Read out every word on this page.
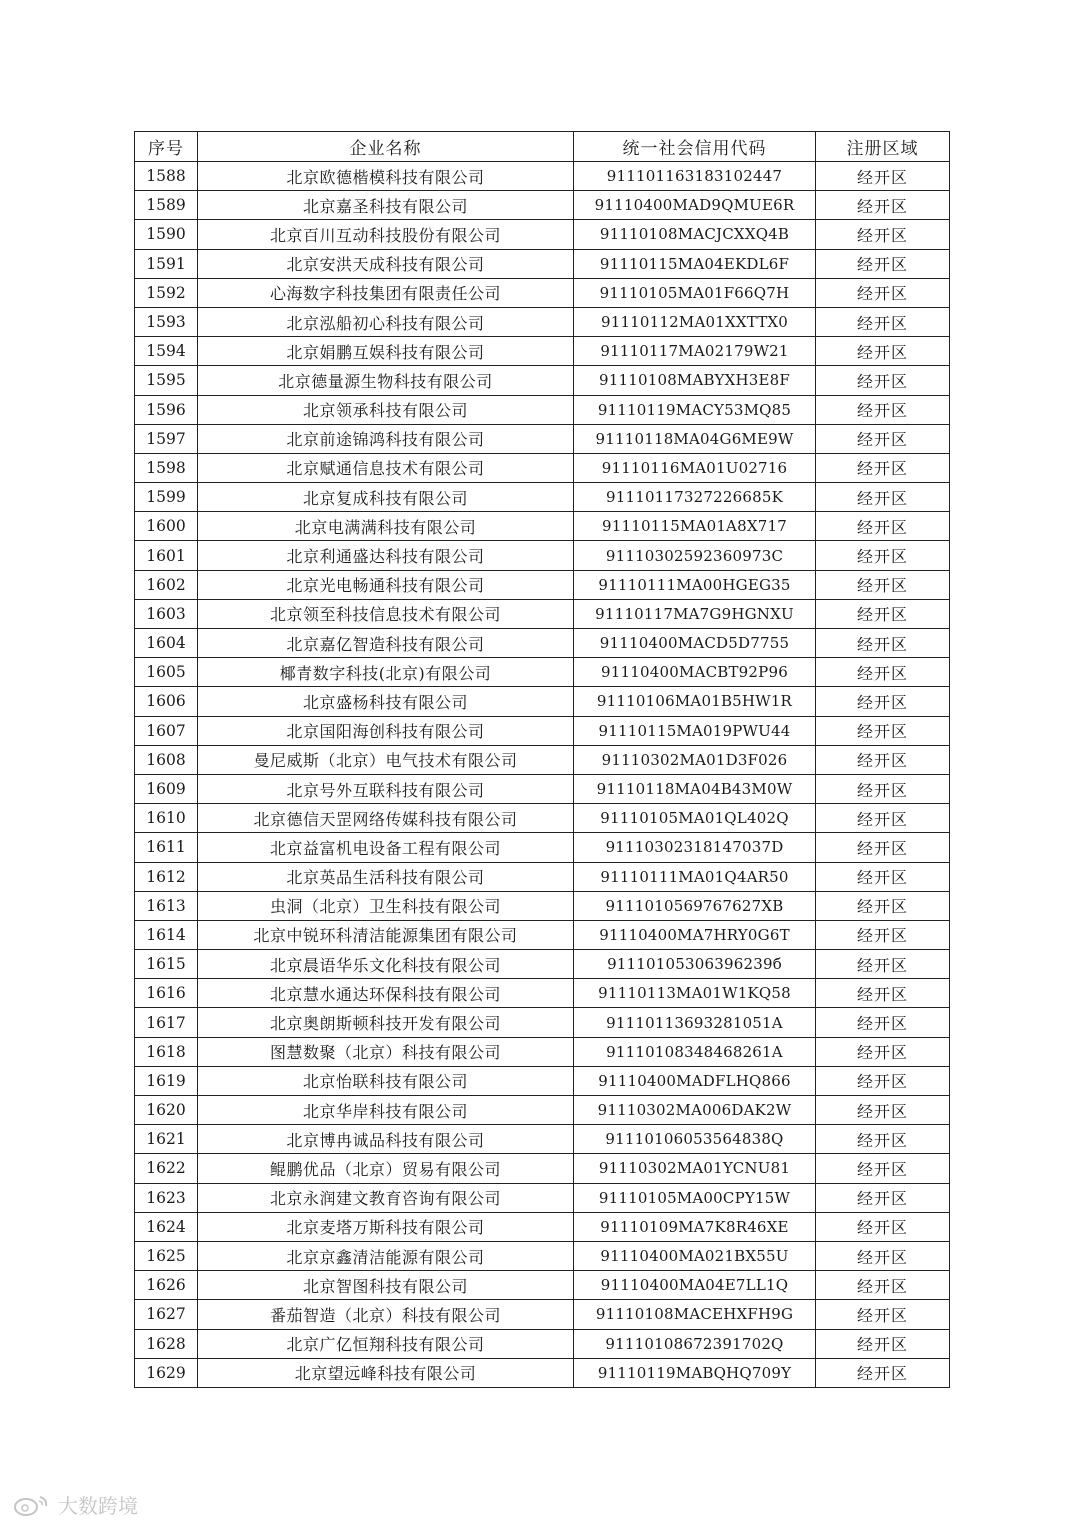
序号	企业名称	统一社会信用代码	注册区域
1588	北京欧德楷模科技有限公司	911101163183102447	经开区
1589	北京嘉圣科技有限公司	91110400MAD9QMUE6R	经开区
1590	北京百川互动科技股份有限公司	91110108MACJCXXQ4B	经开区
1591	北京安洪天成科技有限公司	91110115MA04EKDL6F	经开区
1592	心海数字科技集团有限责任公司	91110105MA01F66Q7H	经开区
1593	北京泓船初心科技有限公司	91110112MA01XXTTX0	经开区
1594	北京娟鹏互娱科技有限公司	91110117MA02179W21	经开区
1595	北京德量源生物科技有限公司	91110108MABYXH3E8F	经开区
1596	北京领承科技有限公司	91110119MACY53MQ85	经开区
1597	北京前途锦鸿科技有限公司	91110118MA04G6ME9W	经开区
1598	北京赋通信息技术有限公司	91110116MA01U02716	经开区
1599	北京复成科技有限公司	91110117327226685K	经开区
1600	北京电满满科技有限公司	91110115MA01A8X717	经开区
1601	北京利通盛达科技有限公司	91110302592360973C	经开区
1602	北京光电畅通科技有限公司	91110111MA00HGEG35	经开区
1603	北京领至科技信息技术有限公司	91110117MA7G9HGNXU	经开区
1604	北京嘉亿智造科技有限公司	91110400MACD5D7755	经开区
1605	椰青数字科技(北京)有限公司	91110400MACBT92P96	经开区
1606	北京盛杨科技有限公司	91110106MA01B5HW1R	经开区
1607	北京国阳海创科技有限公司	91110115MA019PWU44	经开区
1608	曼尼威斯（北京）电气技术有限公司	91110302MA01D3F026	经开区
1609	北京号外互联科技有限公司	91110118MA04B43M0W	经开区
1610	北京德信天罡网络传媒科技有限公司	91110105MA01QL402Q	经开区
1611	北京益富机电设备工程有限公司	91110302318147037D	经开区
1612	北京英品生活科技有限公司	91110111MA01Q4AR50	经开区
1613	虫洞（北京）卫生科技有限公司	9111010569767627XB	经开区
1614	北京中锐环科清洁能源集团有限公司	91110400MA7HRY0G6T	经开区
1615	北京晨语华乐文化科技有限公司	91110105306396239б	经开区
1616	北京慧水通达环保科技有限公司	91110113MA01W1KQ58	经开区
1617	北京奥朗斯顿科技开发有限公司	91110113693281051A	经开区
1618	图慧数聚（北京）科技有限公司	91110108348468261A	经开区
1619	北京怡联科技有限公司	91110400MADFLHQ866	经开区
1620	北京华岸科技有限公司	91110302MA006DAK2W	经开区
1621	北京博冉诚品科技有限公司	91110106053564838Q	经开区
1622	鲲鹏优品（北京）贸易有限公司	91110302MA01YCNU81	经开区
1623	北京永润建文教育咨询有限公司	91110105MA00CPY15W	经开区
1624	北京麦塔万斯科技有限公司	91110109MA7K8R46XE	经开区
1625	北京京鑫清洁能源有限公司	91110400MA021BX55U	经开区
1626	北京智图科技有限公司	91110400MA04E7LL1Q	经开区
1627	番茄智造（北京）科技有限公司	91110108MACEHXFH9G	经开区
1628	北京广亿恒翔科技有限公司	91110108672391702Q	经开区
1629	北京望远峰科技有限公司	91110119MABQHQ709Y	经开区
大数跨境
